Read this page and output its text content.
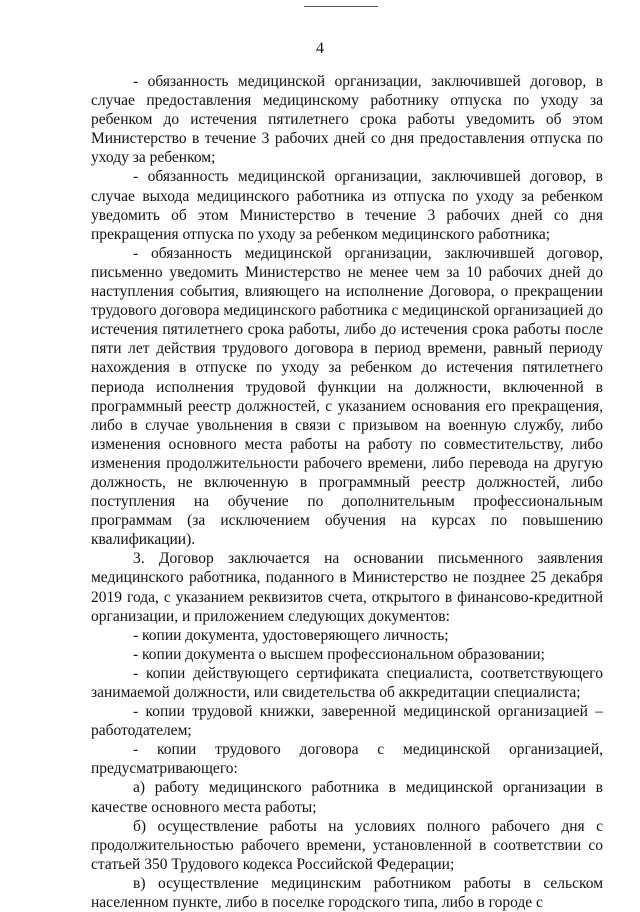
4

- обязанность медицинской организации, заключившей договор, в случае предоставления медицинскому работнику отпуска по уходу за ребенком до истечения пятилетнего срока работы уведомить об этом Министерство в течение 3 рабочих дней со дня предоставления отпуска по уходу за ребенком;

- обязанность медицинской организации, заключившей договор, в случае выхода медицинского работника из отпуска по уходу за ребенком уведомить об этом Министерство в течение 3 рабочих дней со дня прекращения отпуска по уходу за ребенком медицинского работника;

- обязанность медицинской организации, заключившей договор, письменно уведомить Министерство не менее чем за 10 рабочих дней до наступления события, влияющего на исполнение Договора, о прекращении трудового договора медицинского работника с медицинской организацией до истечения пятилетнего срока работы, либо до истечения срока работы после пяти лет действия трудового договора в период времени, равный периоду нахождения в отпуске по уходу за ребенком до истечения пятилетнего периода исполнения трудовой функции на должности, включенной в программный реестр должностей, с указанием основания его прекращения, либо в случае увольнения в связи с призывом на военную службу, либо изменения основного места работы на работу по совместительству, либо изменения продолжительности рабочего времени, либо перевода на другую должность, не включенную в программный реестр должностей, либо поступления на обучение по дополнительным профессиональным программам (за исключением обучения на курсах по повышению квалификации).

3. Договор заключается на основании письменного заявления медицинского работника, поданного в Министерство не позднее 25 декабря 2019 года, с указанием реквизитов счета, открытого в финансово-кредитной организации, и приложением следующих документов:

- копии документа, удостоверяющего личность;

- копии документа о высшем профессиональном образовании;

- копии действующего сертификата специалиста, соответствующего занимаемой должности, или свидетельства об аккредитации специалиста;

- копии трудовой книжки, заверенной медицинской организацией – работодателем;

- копии трудового договора с медицинской организацией, предусматривающего:

а) работу медицинского работника в медицинской организации в качестве основного места работы;

б) осуществление работы на условиях полного рабочего дня с продолжительностью рабочего времени, установленной в соответствии со статьей 350 Трудового кодекса Российской Федерации;

в) осуществление медицинским работником работы в сельском населенном пункте, либо в поселке городского типа, либо в городе с
